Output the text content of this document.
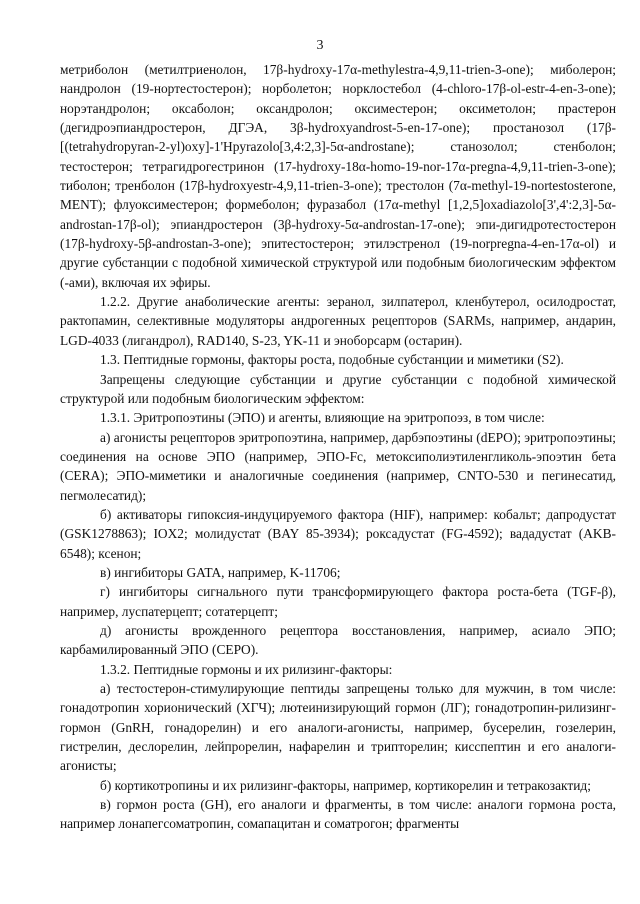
3

метриболон (метилтриенолон, 17β-hydroxy-17α-methylestra-4,9,11-trien-3-one); миболерон; нандролон (19-нортестостерон); норболетон; норклостебол (4-chloro-17β-ol-estr-4-en-3-one); норэтандролон; оксаболон; оксандролон; оксиместерон; оксиметолон; прастерон (дегидроэпиандростерон, ДГЭА, 3β-hydroxyandrost-5-en-17-one); простанозол (17β-[(tetrahydropyran-2-yl)oxy]-1'Hpyrazolo[3,4:2,3]-5α-androstane); станозолол; стенболон; тестостерон; тетрагидрогестринон (17-hydroxy-18α-homo-19-nor-17α-pregna-4,9,11-trien-3-one); тиболон; тренболон (17β-hydroxyestr-4,9,11-trien-3-one); трестолон (7α-methyl-19-nortestosterone, MENT); флуоксиместерон; формеболон; фуразабол (17α-methyl [1,2,5]oxadiazolo[3',4':2,3]-5α-androstan-17β-ol); эпиандростерон (3β-hydroxy-5α-androstan-17-one); эпи-дигидротестостерон (17β-hydroxy-5β-androstan-3-one); эпитестостерон; этилэстренол (19-norpregna-4-en-17α-ol) и другие субстанции с подобной химической структурой или подобным биологическим эффектом (-ами), включая их эфиры.

1.2.2. Другие анаболические агенты: зеранол, зилпатерол, кленбутерол, осилодростат, рактопамин, селективные модуляторы андрогенных рецепторов (SARMs, например, андарин, LGD-4033 (лигандрол), RAD140, S-23, YK-11 и эноборсарм (остарин).

1.3. Пептидные гормоны, факторы роста, подобные субстанции и миметики (S2).

Запрещены следующие субстанции и другие субстанции с подобной химической структурой или подобным биологическим эффектом:

1.3.1. Эритропоэтины (ЭПО) и агенты, влияющие на эритропоэз, в том числе:

а) агонисты рецепторов эритропоэтина, например, дарбэпоэтины (dEPO); эритропоэтины; соединения на основе ЭПО (например, ЭПО-Fc, метоксиполиэтиленгликоль-эпоэтин бета (CERA); ЭПО-миметики и аналогичные соединения (например, CNTO-530 и пегинесатид, пегмолесатид);

б) активаторы гипоксия-индуцируемого фактора (HIF), например: кобальт; дапродустат (GSK1278863); IOX2; молидустат (BAY 85-3934); роксадустат (FG-4592); вададустат (AKB-6548); ксенон;

в) ингибиторы GATA, например, K-11706;

г) ингибиторы сигнального пути трансформирующего фактора роста-бета (TGF-β), например, луспатерцепт; сотатерцепт;

д) агонисты врожденного рецептора восстановления, например, асиало ЭПО; карбамилированный ЭПО (CEPO).

1.3.2. Пептидные гормоны и их рилизинг-факторы:

а) тестостерон-стимулирующие пептиды запрещены только для мужчин, в том числе: гонадотропин хорионический (ХГЧ); лютеинизирующий гормон (ЛГ); гонадотропин-рилизинг-гормон (GnRH, гонадорелин) и его аналоги-агонисты, например, бусерелин, гозелерин, гистрелин, деслорелин, лейпрорелин, нафарелин и трипторелин; кисспептин и его аналоги-агонисты;

б) кортикотропины и их рилизинг-факторы, например, кортикорелин и тетракозактид;

в) гормон роста (GH), его аналоги и фрагменты, в том числе: аналоги гормона роста, например лонапегсоматропин, сомапацитан и соматрогон; фрагменты
